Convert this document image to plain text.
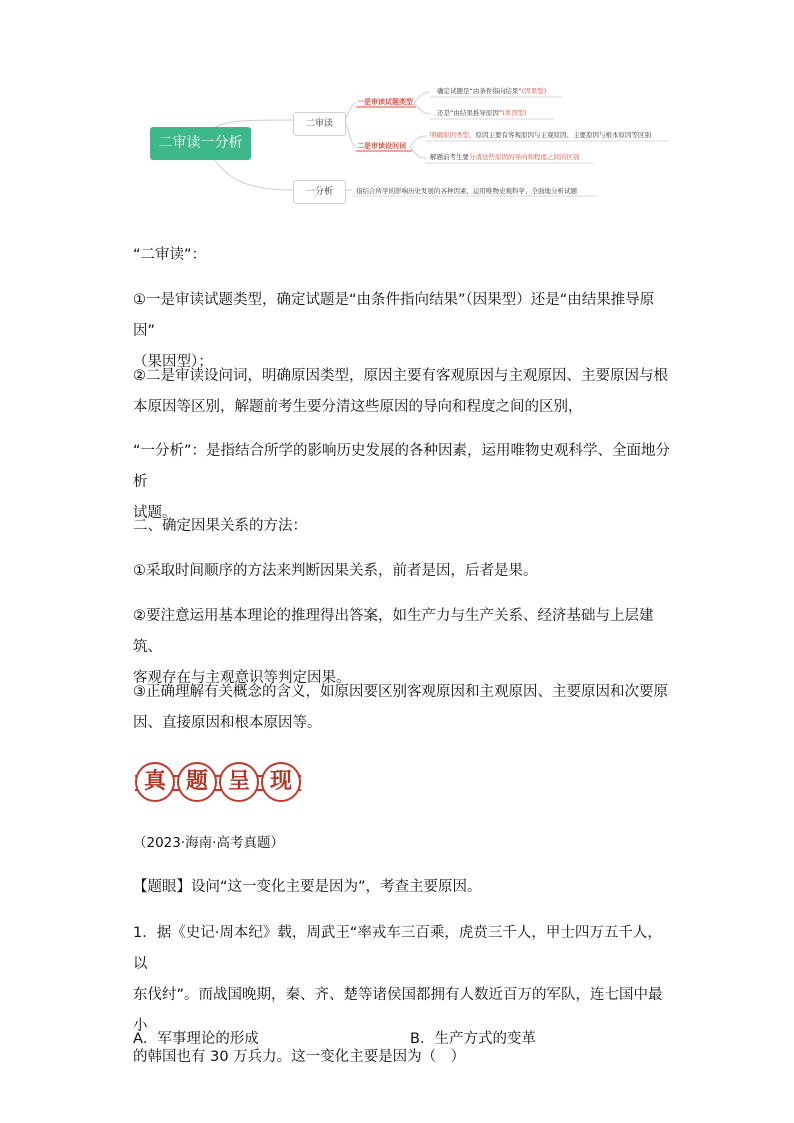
二审读一分析
二审读
一分析
一是审读试题类型
二是审读设问词
确定试题是“由条件指向结果”(因果型)
还是“由结果推导原因”(果因型)
明确原因类型，原因主要有客观原因与主观原因、主要原因与根本原因等区别
解题前考生要分清这些原因的导向和程度之间的区别
指结合所学的影响历史发展的各种因素，运用唯物史观科学、全面地分析试题
“二审读”：
①一是审读试题类型，确定试题是“由条件指向结果”（因果型）还是“由结果推导原因”
（果因型）；
②二是审读设问词，明确原因类型，原因主要有客观原因与主观原因、主要原因与根
本原因等区别，解题前考生要分清这些原因的导向和程度之间的区别，
“一分析”：是指结合所学的影响历史发展的各种因素，运用唯物史观科学、全面地分析
试题。
二、确定因果关系的方法：
①采取时间顺序的方法来判断因果关系，前者是因，后者是果。
②要注意运用基本理论的推理得出答案，如生产力与生产关系、经济基础与上层建筑、
客观存在与主观意识等判定因果。
③正确理解有关概念的含义，如原因要区别客观原因和主观原因、主要原因和次要原
因、直接原因和根本原因等。
真 题 呈 现
（2023·海南·高考真题）
【题眼】设问“这一变化主要是因为”，考查主要原因。
1．据《史记·周本纪》载，周武王“率戎车三百乘，虎贲三千人，甲士四万五千人，以
东伐纣”。而战国晚期，秦、齐、楚等诸侯国都拥有人数近百万的军队，连七国中最小
的韩国也有 30 万兵力。这一变化主要是因为（　）
A．军事理论的形成	B．生产方式的变革
